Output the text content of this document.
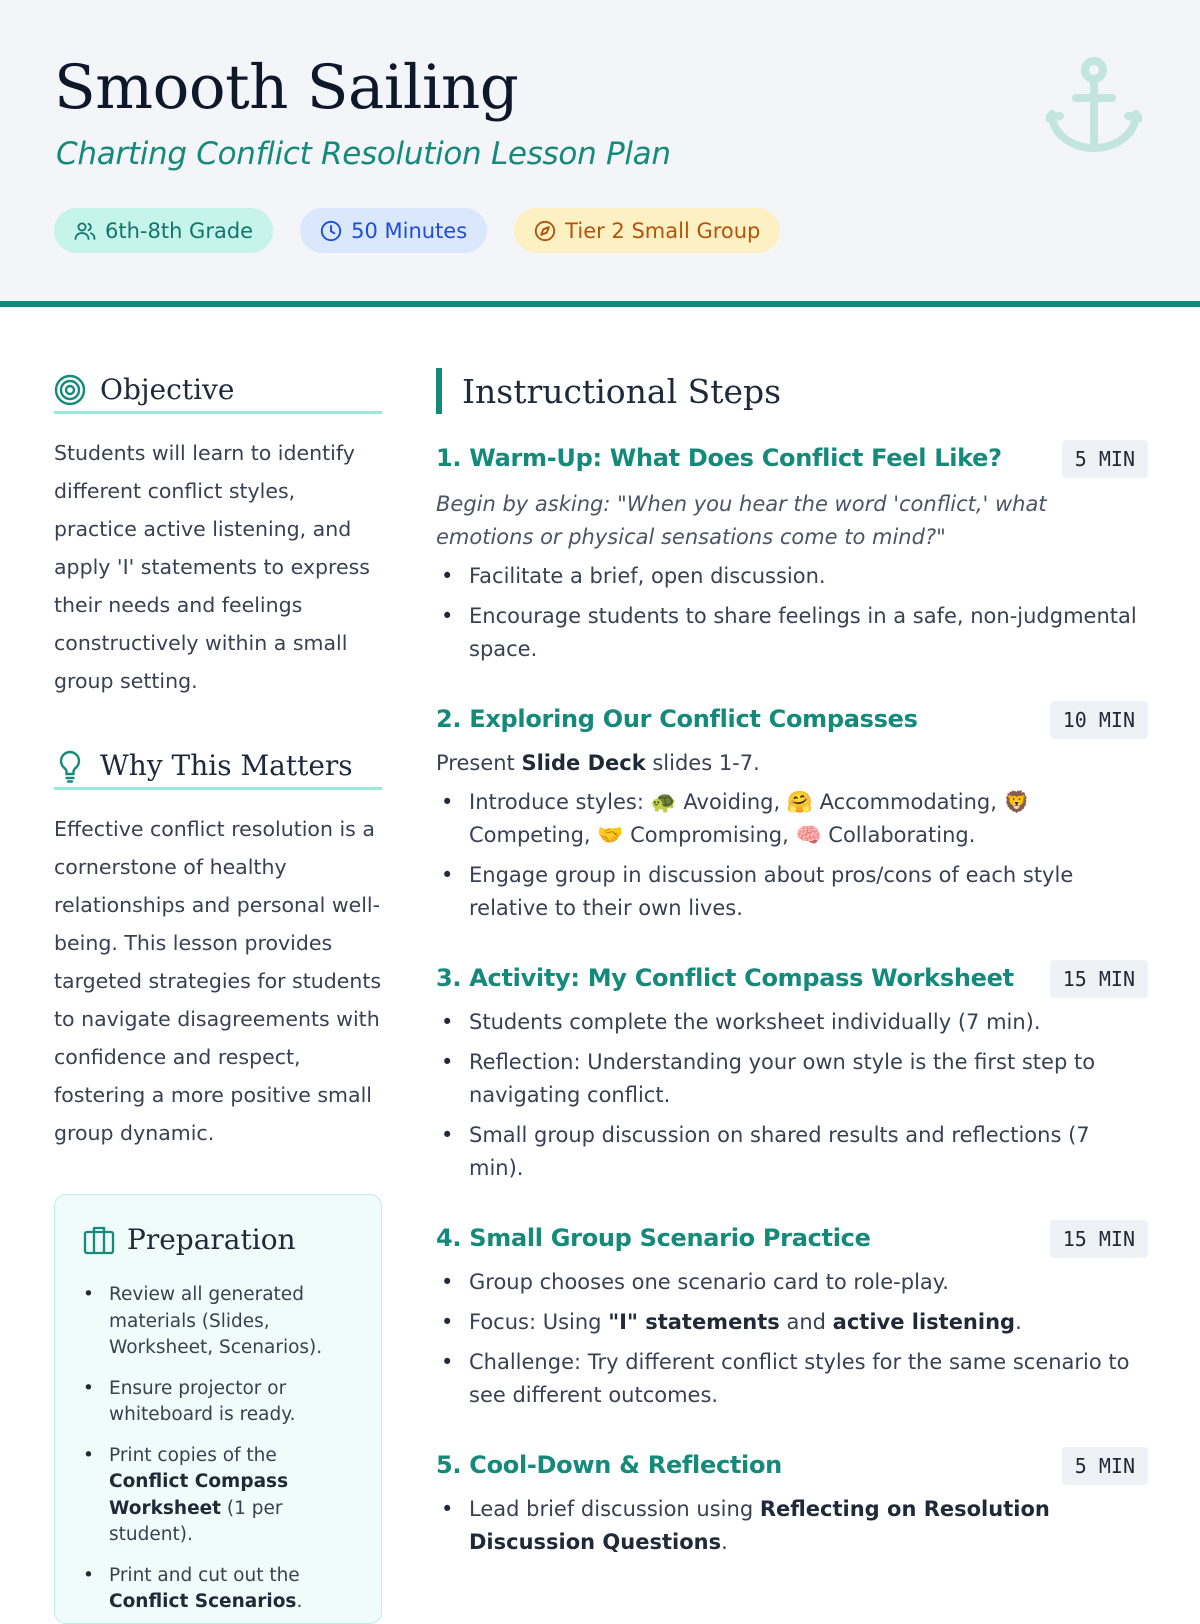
Smooth Sailing
Charting Conflict Resolution Lesson Plan
6th-8th Grade	50 Minutes	Tier 2 Small Group
Objective

Students will learn to identify different conflict styles, practice active listening, and apply 'I' statements to express their needs and feelings constructively within a small group setting.

Why This Matters

Effective conflict resolution is a cornerstone of healthy relationships and personal well-being. This lesson provides targeted strategies for students to navigate disagreements with confidence and respect, fostering a more positive small group dynamic.

Preparation
• Review all generated materials (Slides, Worksheet, Scenarios).
• Ensure projector or whiteboard is ready.
• Print copies of the Conflict Compass Worksheet (1 per student).
• Print and cut out the Conflict Scenarios.
Instructional Steps
1. Warm-Up: What Does Conflict Feel Like?	5 MIN

Begin by asking: "When you hear the word 'conflict,' what emotions or physical sensations come to mind?"

• Facilitate a brief, open discussion.
• Encourage students to share feelings in a safe, non-judgmental space.
2. Exploring Our Conflict Compasses	10 MIN

Present Slide Deck slides 1-7.

• Introduce styles: 🐢 Avoiding, 🤗 Accommodating, 🦁 Competing, 🤝 Compromising, 🧠 Collaborating.
• Engage group in discussion about pros/cons of each style relative to their own lives.
3. Activity: My Conflict Compass Worksheet	15 MIN
• Students complete the worksheet individually (7 min).
• Reflection: Understanding your own style is the first step to navigating conflict.
• Small group discussion on shared results and reflections (7 min).
4. Small Group Scenario Practice	15 MIN
• Group chooses one scenario card to role-play.
• Focus: Using "I" statements and active listening.
• Challenge: Try different conflict styles for the same scenario to see different outcomes.
5. Cool-Down & Reflection	5 MIN
• Lead brief discussion using Reflecting on Resolution Discussion Questions.
